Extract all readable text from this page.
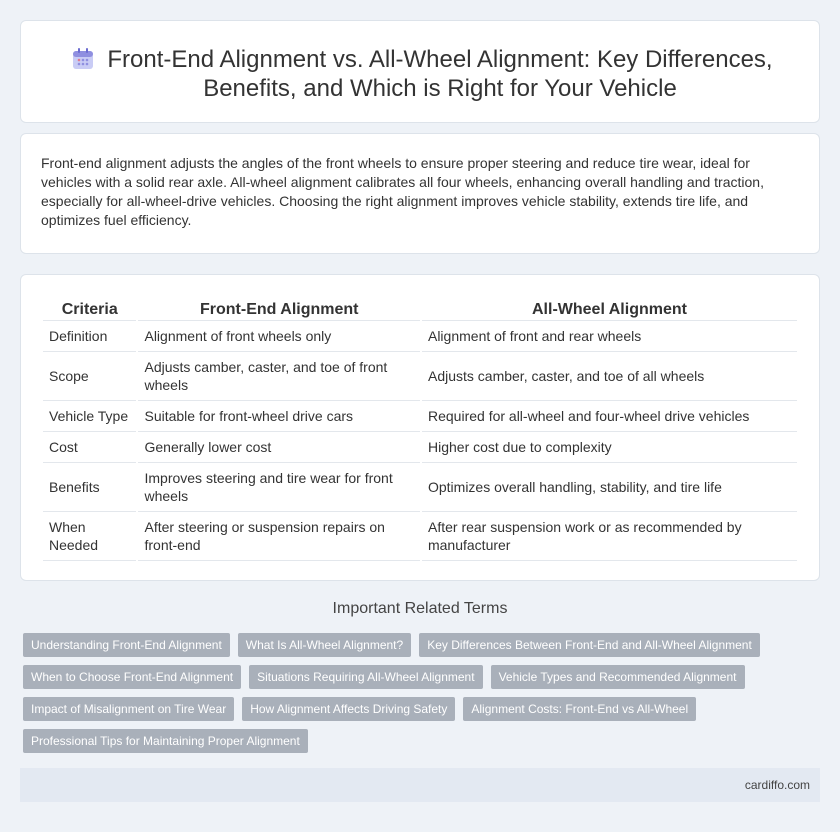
Front-End Alignment vs. All-Wheel Alignment: Key Differences, Benefits, and Which is Right for Your Vehicle

Front-end alignment adjusts the angles of the front wheels to ensure proper steering and reduce tire wear, ideal for vehicles with a solid rear axle. All-wheel alignment calibrates all four wheels, enhancing overall handling and traction, especially for all-wheel-drive vehicles. Choosing the right alignment improves vehicle stability, extends tire life, and optimizes fuel efficiency.

Criteria	Front-End Alignment	All-Wheel Alignment
Definition	Alignment of front wheels only	Alignment of front and rear wheels
Scope	Adjusts camber, caster, and toe of front wheels	Adjusts camber, caster, and toe of all wheels
Vehicle Type	Suitable for front-wheel drive cars	Required for all-wheel and four-wheel drive vehicles
Cost	Generally lower cost	Higher cost due to complexity
Benefits	Improves steering and tire wear for front wheels	Optimizes overall handling, stability, and tire life
When Needed	After steering or suspension repairs on front-end	After rear suspension work or as recommended by manufacturer
Important Related Terms
Understanding Front-End Alignment	What Is All-Wheel Alignment?	Key Differences Between Front-End and All-Wheel Alignment
When to Choose Front-End Alignment	Situations Requiring All-Wheel Alignment	Vehicle Types and Recommended Alignment
Impact of Misalignment on Tire Wear	How Alignment Affects Driving Safety	Alignment Costs: Front-End vs All-Wheel
Professional Tips for Maintaining Proper Alignment
cardiffo.com
